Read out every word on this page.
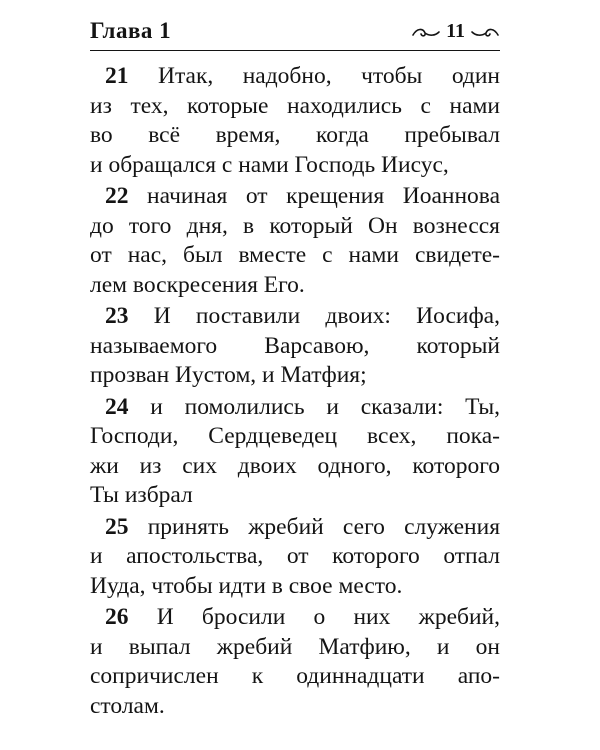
Глава 1	11
21 Итак, надобно, чтобы один
из тех, которые находились с нами
во всё время, когда пребывал
и обращался с нами Господь Иисус,
22 начиная от крещения Иоаннова
до того дня, в который Он вознесся
от нас, был вместе с нами свидете-
лем воскресения Его.
23 И поставили двоих: Иосифа,
называемого Варсавою, который
прозван Иустом, и Матфия;
24 и помолились и сказали: Ты,
Господи, Сердцеведец всех, пока-
жи из сих двоих одного, которого
Ты избрал
25 принять жребий сего служения
и апостольства, от которого отпал
Иуда, чтобы идти в свое место.
26 И бросили о них жребий,
и выпал жребий Матфию, и он
сопричислен к одиннадцати апо-
столам.
